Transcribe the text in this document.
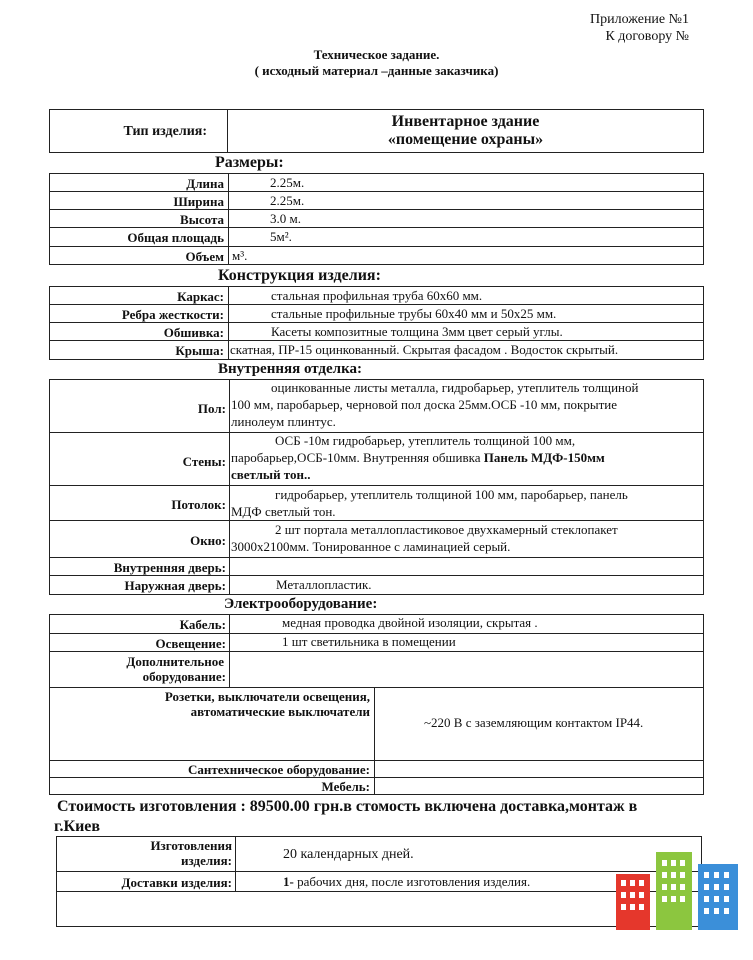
Приложение №1
К договору №
Техническое задание.
( исходный материал –данные заказчика)
Тип изделия:
Инвентарное здание
«помещение охраны»
Размеры:
Длина	2.25м.
Ширина	2.25м.
Высота	3.0 м.
Общая площадь	5м².
Объем м³.
Конструкция изделия:
Каркас:	стальная профильная труба 60х60 мм.
Ребра жесткости:	стальные профильные трубы 60х40 мм и 50х25 мм.
Обшивка:	Касеты композитные толщина 3мм цвет серый углы.
Крыша: скатная, ПР-15 оцинкованный. Скрытая фасадом . Водосток скрытый.
Внутренняя отделка:
Пол:
оцинкованные листы металла, гидробарьер, утеплитель толщиной
100 мм, паробарьер, черновой пол доска 25мм.ОСБ -10 мм, покрытие
линолеум плинтус.
Стены:
ОСБ -10м гидробарьер, утеплитель толщиной 100 мм,
паробарьер,ОСБ-10мм. Внутренняя обшивка Панель МДФ-150мм
светлый тон..
Потолок:
гидробарьер, утеплитель толщиной 100 мм, паробарьер, панель
МДФ светлый тон.
Окно:
2 шт портала металлопластиковое двухкамерный стеклопакет
3000х2100мм. Тонированное с ламинацией серый.
Внутренняя дверь:
Наружная дверь:	Металлопластик.
Электрооборудование:
Кабель:	медная проводка двойной изоляции, скрытая .
Освещение:	1 шт светильника в помещении
Дополнительное
оборудование:
Розетки, выключатели освещения,
автоматические выключатели
~220 В с заземляющим контактом IP44.
Сантехническое оборудование:
Мебель:
Стоимость изготовления : 89500.00 грн.в стомость включена доставка,монтаж в
г.Киев
Изготовления
изделия:	20 календарных дней.
Доставки изделия:	1- рабочих дня, после изготовления изделия.
